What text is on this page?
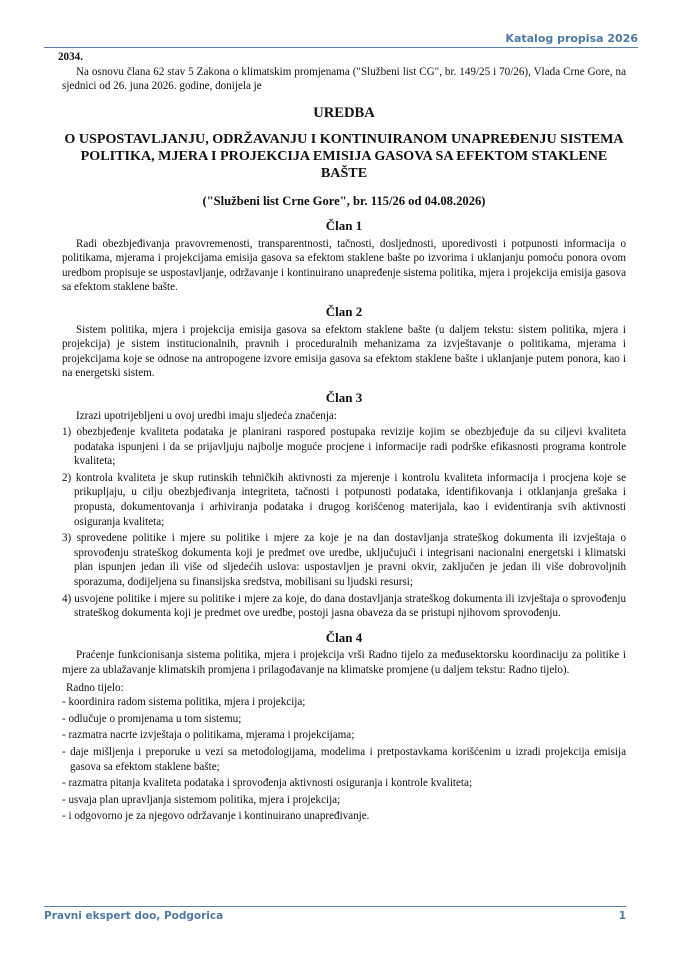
Katalog propisa 2026

2034.

Na osnovu člana 62 stav 5 Zakona o klimatskim promjenama ("Službeni list CG", br. 149/25 i 70/26), Vlada Crne Gore, na sjednici od 26. juna 2026. godine, donijela je

UREDBA
O USPOSTAVLJANJU, ODRŽAVANJU I KONTINUIRANOM UNAPREĐENJU SISTEMA POLITIKA, MJERA I PROJEKCIJA EMISIJA GASOVA SA EFEKTOM STAKLENE BAŠTE
("Službeni list Crne Gore", br. 115/26 od 04.08.2026)
Član 1

Radi obezbjeđivanja pravovremenosti, transparentnosti, tačnosti, dosljednosti, uporedivosti i potpunosti informacija o politikama, mjerama i projekcijama emisija gasova sa efektom staklene bašte po izvorima i uklanjanju pomoću ponora ovom uredbom propisuje se uspostavljanje, održavanje i kontinuirano unapređenje sistema politika, mjera i projekcija emisija gasova sa efektom staklene bašte.

Član 2

Sistem politika, mjera i projekcija emisija gasova sa efektom staklene bašte (u daljem tekstu: sistem politika, mjera i projekcija) je sistem institucionalnih, pravnih i proceduralnih mehanizama za izvještavanje o politikama, mjerama i projekcijama koje se odnose na antropogene izvore emisija gasova sa efektom staklene bašte i uklanjanje putem ponora, kao i na energetski sistem.

Član 3

Izrazi upotrijebljeni u ovoj uredbi imaju sljedeća značenja:

1) obezbjeđenje kvaliteta podataka je planirani raspored postupaka revizije kojim se obezbjeđuje da su ciljevi kvaliteta podataka ispunjeni i da se prijavljuju najbolje moguće procjene i informacije radi podrške efikasnosti programa kontrole kvaliteta;
2) kontrola kvaliteta je skup rutinskih tehničkih aktivnosti za mjerenje i kontrolu kvaliteta informacija i procjena koje se prikupljaju, u cilju obezbjeđivanja integriteta, tačnosti i potpunosti podataka, identifikovanja i otklanjanja grešaka i propusta, dokumentovanja i arhiviranja podataka i drugog korišćenog materijala, kao i evidentiranja svih aktivnosti osiguranja kvaliteta;
3) sprovedene politike i mjere su politike i mjere za koje je na dan dostavljanja strateškog dokumenta ili izvještaja o sprovođenju strateškog dokumenta koji je predmet ove uredbe, uključujući i integrisani nacionalni energetski i klimatski plan ispunjen jedan ili više od sljedećih uslova: uspostavljen je pravni okvir, zaključen je jedan ili više dobrovoljnih sporazuma, dodijeljena su finansijska sredstva, mobilisani su ljudski resursi;
4) usvojene politike i mjere su politike i mjere za koje, do dana dostavljanja strateškog dokumenta ili izvještaja o sprovođenju strateškog dokumenta koji je predmet ove uredbe, postoji jasna obaveza da se pristupi njihovom sprovođenju.
Član 4

Praćenje funkcionisanja sistema politika, mjera i projekcija vrši Radno tijelo za međusektorsku koordinaciju za politike i mjere za ublažavanje klimatskih promjena i prilagođavanje na klimatske promjene (u daljem tekstu: Radno tijelo).

Radno tijelo:

- koordinira radom sistema politika, mjera i projekcija;
- odlučuje o promjenama u tom sistemu;
- razmatra nacrte izvještaja o politikama, mjerama i projekcijama;
- daje mišljenja i preporuke u vezi sa metodologijama, modelima i pretpostavkama korišćenim u izradi projekcija emisija gasova sa efektom staklene bašte;
- razmatra pitanja kvaliteta podataka i sprovođenja aktivnosti osiguranja i kontrole kvaliteta;
- usvaja plan upravljanja sistemom politika, mjera i projekcija;
- i odgovorno je za njegovo održavanje i kontinuirano unapređivanje.
Pravni ekspert doo, Podgorica	1
